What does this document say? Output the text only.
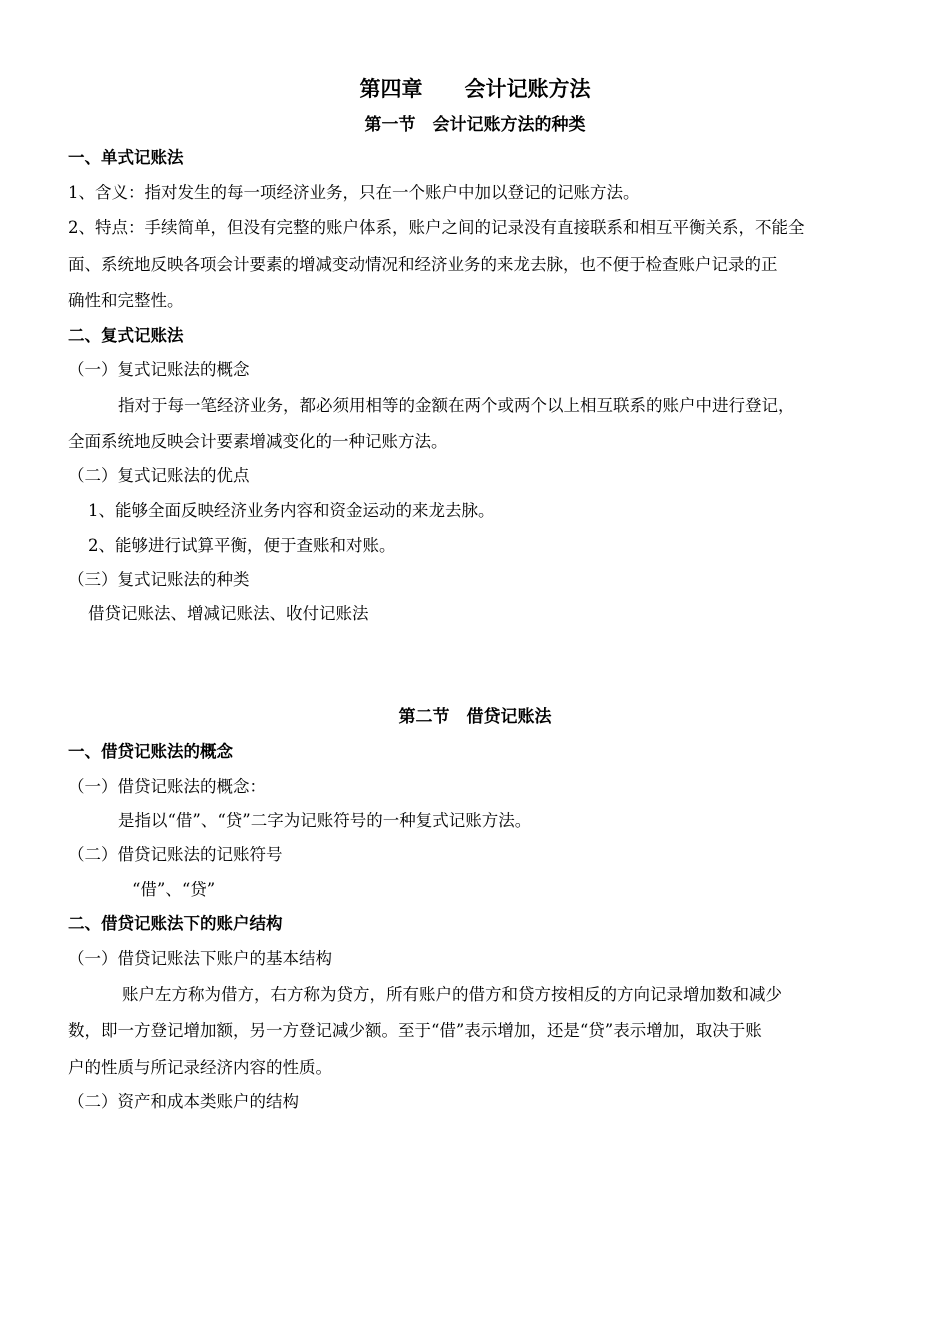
第四章　　会计记账方法
第一节　会计记账方法的种类
一、单式记账法
1、含义：指对发生的每一项经济业务，只在一个账户中加以登记的记账方法。
2、特点：手续简单，但没有完整的账户体系，账户之间的记录没有直接联系和相互平衡关系，不能全
面、系统地反映各项会计要素的增减变动情况和经济业务的来龙去脉，也不便于检查账户记录的正
确性和完整性。
二、复式记账法
（一）复式记账法的概念
指对于每一笔经济业务，都必须用相等的金额在两个或两个以上相互联系的账户中进行登记，
全面系统地反映会计要素增减变化的一种记账方法。
（二）复式记账法的优点
1、能够全面反映经济业务内容和资金运动的来龙去脉。
2、能够进行试算平衡，便于查账和对账。
（三）复式记账法的种类
借贷记账法、增减记账法、收付记账法
第二节　借贷记账法
一、借贷记账法的概念
（一）借贷记账法的概念：
是指以“借”、“贷”二字为记账符号的一种复式记账方法。
（二）借贷记账法的记账符号
“借”、“贷”
二、借贷记账法下的账户结构
（一）借贷记账法下账户的基本结构
账户左方称为借方，右方称为贷方，所有账户的借方和贷方按相反的方向记录增加数和减少
数，即一方登记增加额，另一方登记减少额。至于“借”表示增加，还是“贷”表示增加，取决于账
户的性质与所记录经济内容的性质。
（二）资产和成本类账户的结构
